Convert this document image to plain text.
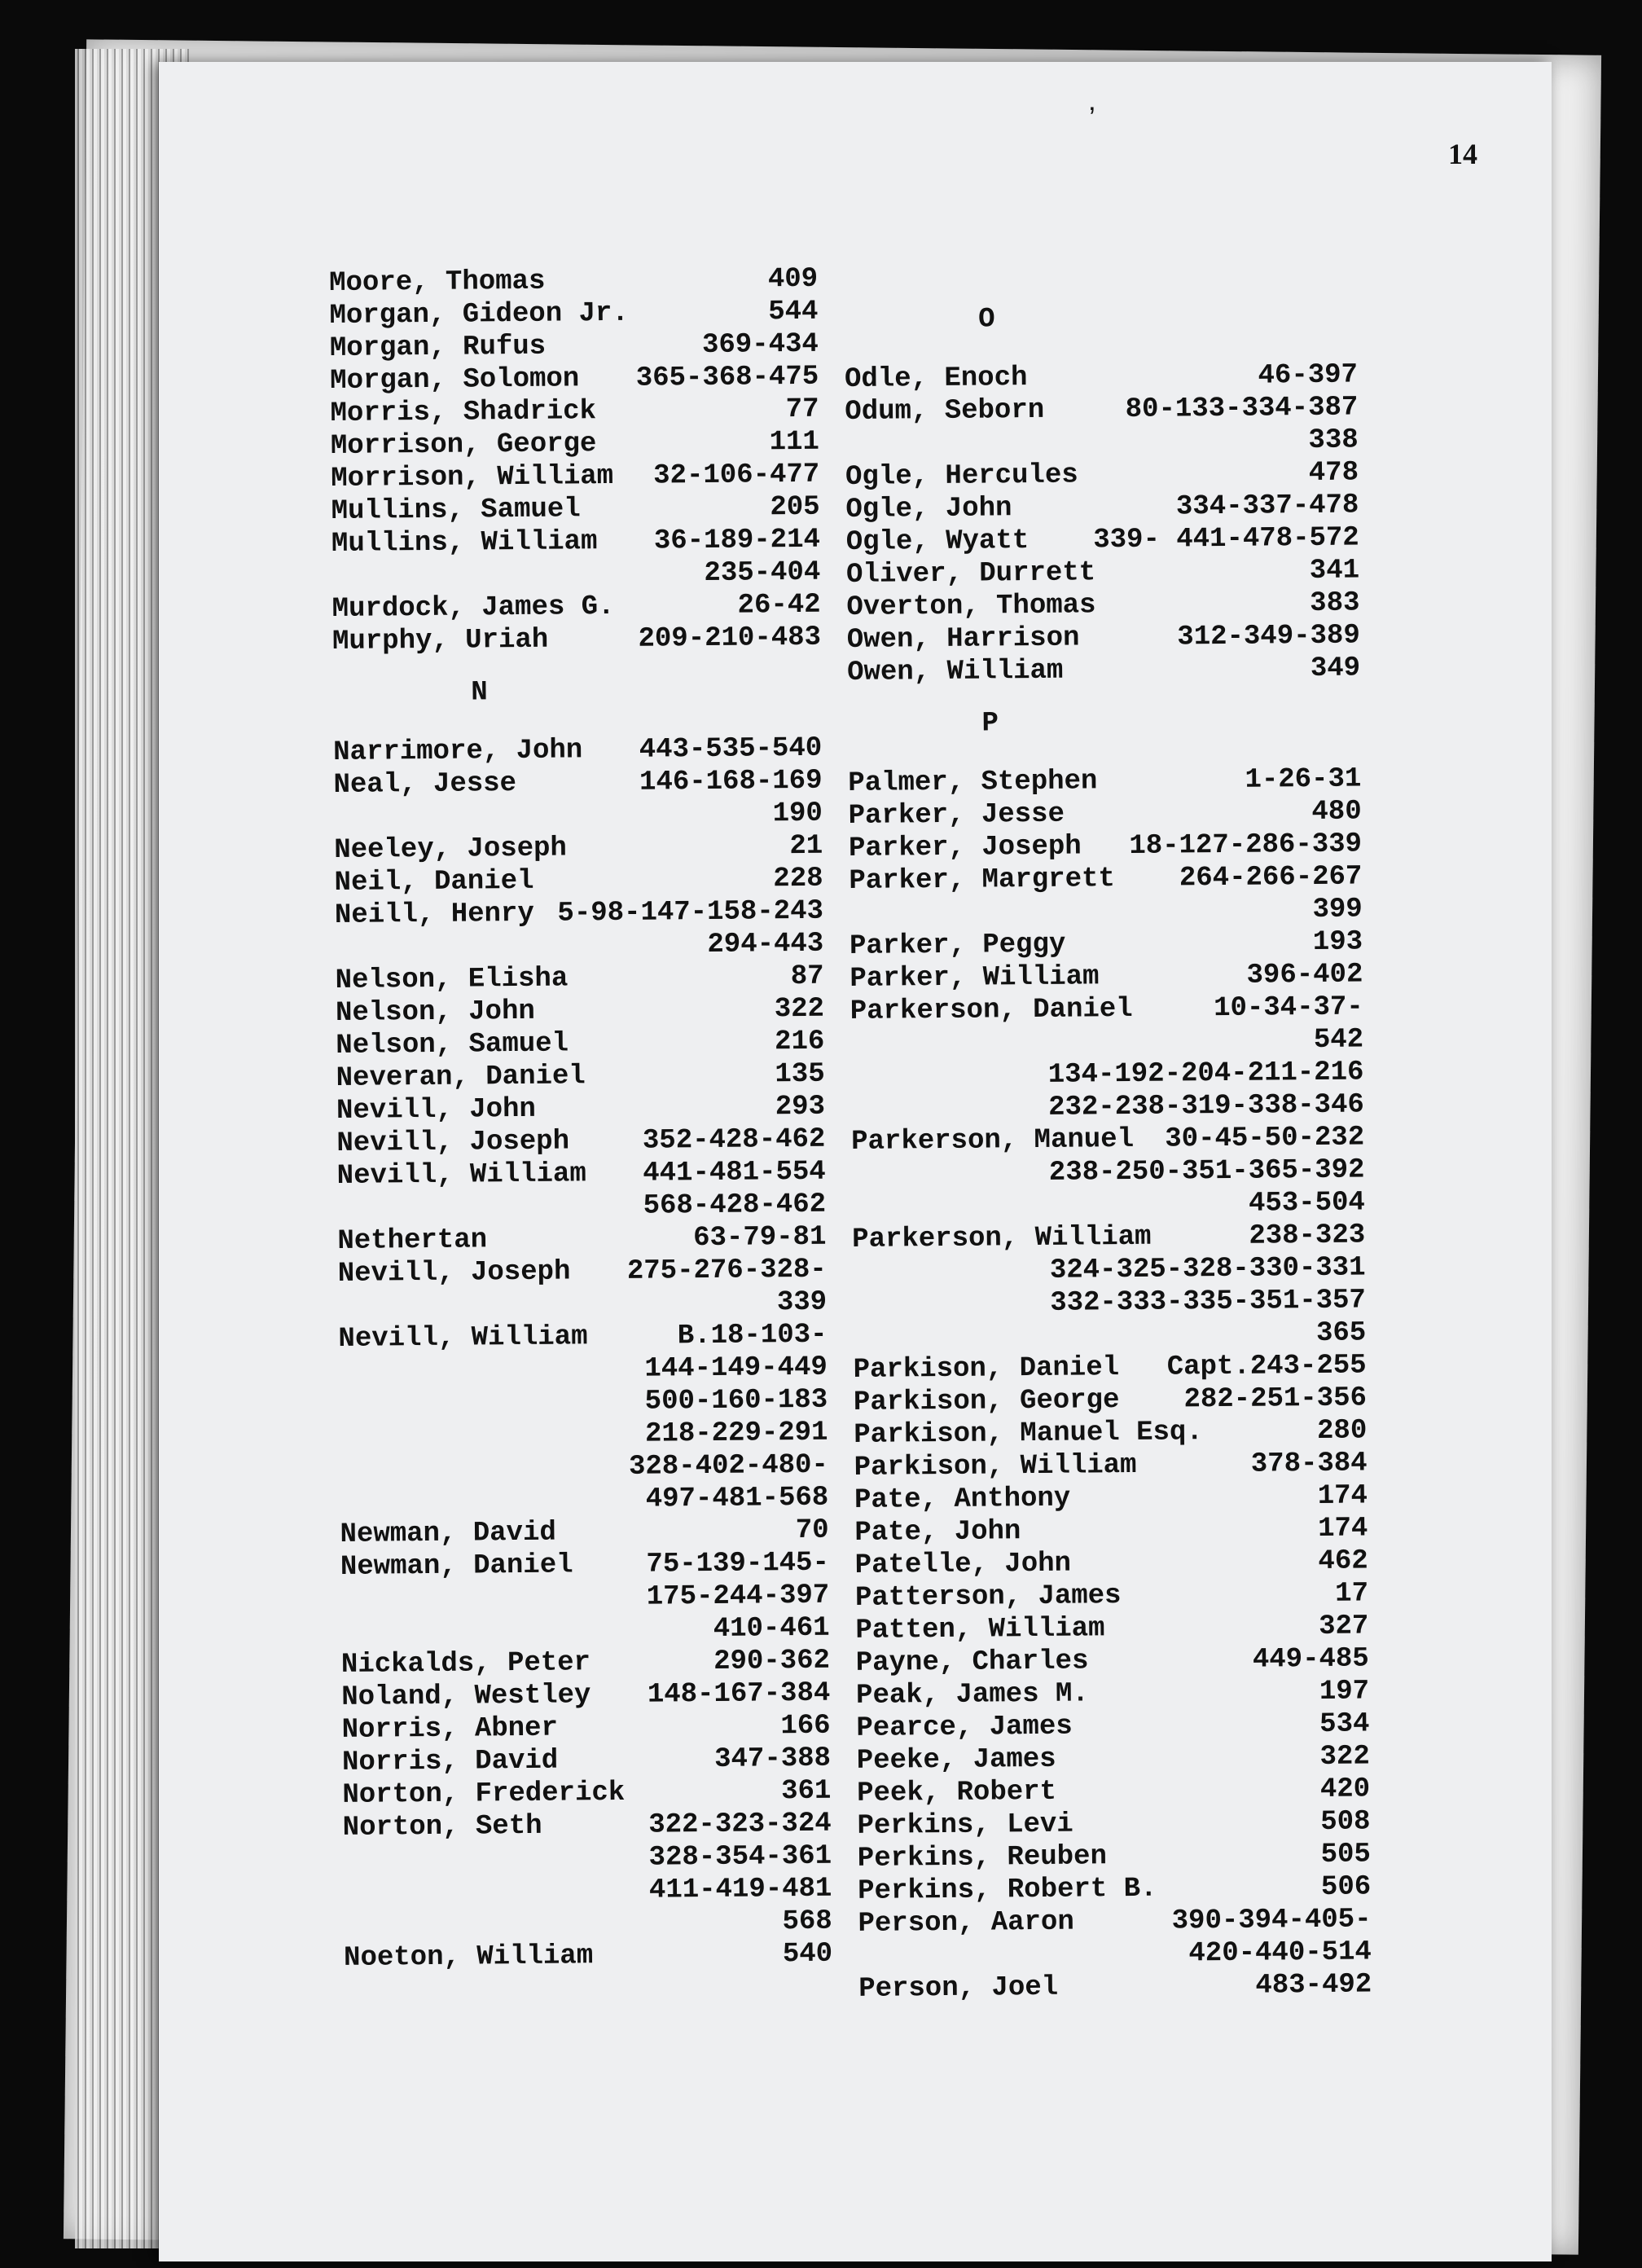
ʼ
14
Moore, Thomas	409
Morgan, Gideon Jr.	544
Morgan, Rufus	369-434
Morgan, Solomon 365-368-475
Morris, Shadrick	77
Morrison, George	111
Morrison, William 32-106-477
Mullins, Samuel	205
Mullins, William 36-189-214
235-404
Murdock, James G.	26-42
Murphy, Uriah	209-210-483
N
Narrimore, John 443-535-540
Neal, Jesse	146-168-169
190
Neeley, Joseph	21
Neil, Daniel	228
Neill, Henry 5-98-147-158-243
294-443
Nelson, Elisha	87
Nelson, John	322
Nelson, Samuel	216
Neveran, Daniel	135
Nevill, John	293
Nevill, Joseph	352-428-462
Nevill, William 441-481-554
568-428-462
Nethertan	63-79-81
Nevill, Joseph 275-276-328-
339
Nevill, William	B.18-103-
144-149-449
500-160-183
218-229-291
328-402-480-
497-481-568
Newman, David	70
Newman, Daniel	75-139-145-
175-244-397
410-461
Nickalds, Peter	290-362
Noland, Westley 148-167-384
Norris, Abner	166
Norris, David	347-388
Norton, Frederick	361
Norton, Seth	322-323-324
328-354-361
411-419-481
568
Noeton, William	540
O
Odle, Enoch	46-397
Odum, Seborn	80-133-334-387
338
Ogle, Hercules	478
Ogle, John	334-337-478
Ogle, Wyatt 339- 441-478-572
Oliver, Durrett	341
Overton, Thomas	383
Owen, Harrison	312-349-389
Owen, William	349
P
Palmer, Stephen	1-26-31
Parker, Jesse	480
Parker, Joseph 18-127-286-339
Parker, Margrett 264-266-267
399
Parker, Peggy	193
Parker, William	396-402
Parkerson, Daniel	10-34-37-
542
134-192-204-211-216
232-238-319-338-346
Parkerson, Manuel 30-45-50-232
238-250-351-365-392
453-504
Parkerson, William	238-323
324-325-328-330-331
332-333-335-351-357
365
Parkison, Daniel Capt.243-255
Parkison, George 282-251-356
Parkison, Manuel Esq.	280
Parkison, William	378-384
Pate, Anthony	174
Pate, John	174
Patelle, John	462
Patterson, James	17
Patten, William	327
Payne, Charles	449-485
Peak, James M.	197
Pearce, James	534
Peeke, James	322
Peek, Robert	420
Perkins, Levi	508
Perkins, Reuben	505
Perkins, Robert B.	506
Person, Aaron	390-394-405-
420-440-514
Person, Joel	483-492
